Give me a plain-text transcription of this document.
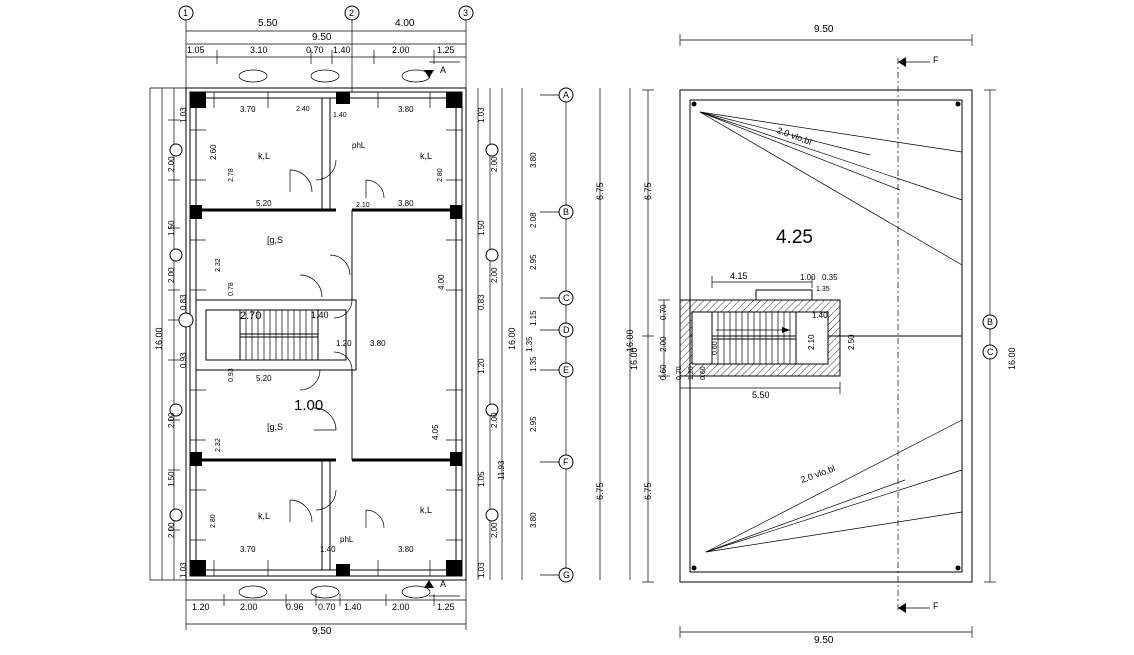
5.50	4.00
9.50
1.05	3.10	0.70 1.40	2.00	1.25
1	2	3
k,L	k,L
[g,S
[g,S
phL
k,L
k,L
phL
3.70	3.80
2.40
1.40
5.20	3.80
2.10
2.70	1.40
5.20
3.80
1.20
3.70	3.80
1.40
1.00
4.00
4.05
2.60
2.78	2.80
2.32
0.78
2.80
2.32
0.93
1.03
2.00
1.50
2.00
0.83
0.93
2.00
1.50
2.00
1.03
16.00
1.03
2.00
1.50
2.00
0.83
1.20
2.00
1.05
2.00
1.03
16.00
11.93
1.35
3.80
2.08
2.95
1.15
1.35
2.95
3.80
A
B
C
D
E
F
G
6.75
6.75
16.00
1.20	2.00	0.96 0.70 1.40	2.00	1.25
9.50
A
A
9.50
9.50
6.75
6.75
16.00
0.70
2.00
0.60
16.00
2.0 vlo,bl
2.0 vlo,bl
4.25
F
F
B
C
4.15	1.00 0.35
1.40
2.50
2.10
5.50
0.70 1.20 0.60
0.60
1.35
